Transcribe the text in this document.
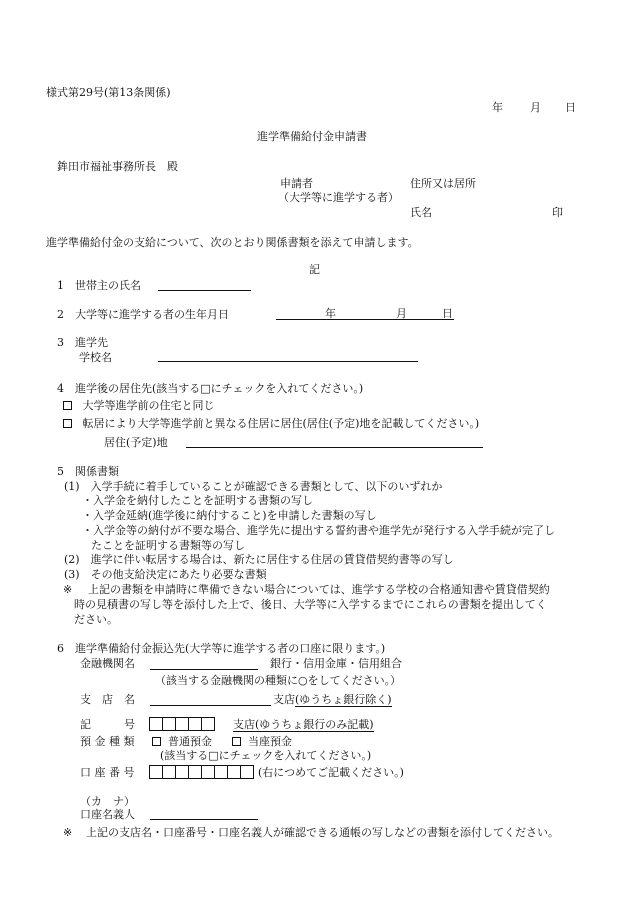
様式第29号(第13条関係)
年 月 日
進学準備給付金申請書
鉾田市福祉事務所長　殿
申請者	住所又は居所
（大学等に進学する者）
氏名	印
進学準備給付金の支給について、次のとおり関係書類を添えて申請します。
記
1　世帯主の氏名
2　大学等に進学する者の生年月日	年	月	日
3　進学先
学校名
4　進学後の居住先(該当する□にチェックを入れてください。)
大学等進学前の住宅と同じ
転居により大学等進学前と異なる住居に居住(居住(予定)地を記載してください。)
居住(予定)地
5　関係書類
(1)　入学手続に着手していることが確認できる書類として、以下のいずれか
・入学金を納付したことを証明する書類の写し
・入学金延納(進学後に納付すること)を申請した書類の写し
・入学金等の納付が不要な場合、進学先に提出する誓約書や進学先が発行する入学手続が完了し
たことを証明する書類等の写し
(2)　進学に伴い転居する場合は、新たに居住する住居の賃貸借契約書等の写し
(3)　その他支給決定にあたり必要な書類
※ 上記の書類を申請時に準備できない場合については、進学する学校の合格通知書や賃貸借契約
時の見積書の写し等を添付した上で、後日、大学等に入学するまでにこれらの書類を提出してく
ださい。
6　進学準備給付金振込先(大学等に進学する者の口座に限ります。)
金融機関名	銀行・信用金庫・信用組合
（該当する金融機関の種類に○をしてください。）
支　店　名	支店(ゆうちょ銀行除く)
記　　　号	支店(ゆうちょ銀行のみ記載)
預 金 種 類	普通預金	当座預金
(該当する□にチェックを入れてください。)
口 座 番 号	(右につめてご記載ください。)
（カ　ナ）
口座名義人
※ 上記の支店名・口座番号・口座名義人が確認できる通帳の写しなどの書類を添付してください。
